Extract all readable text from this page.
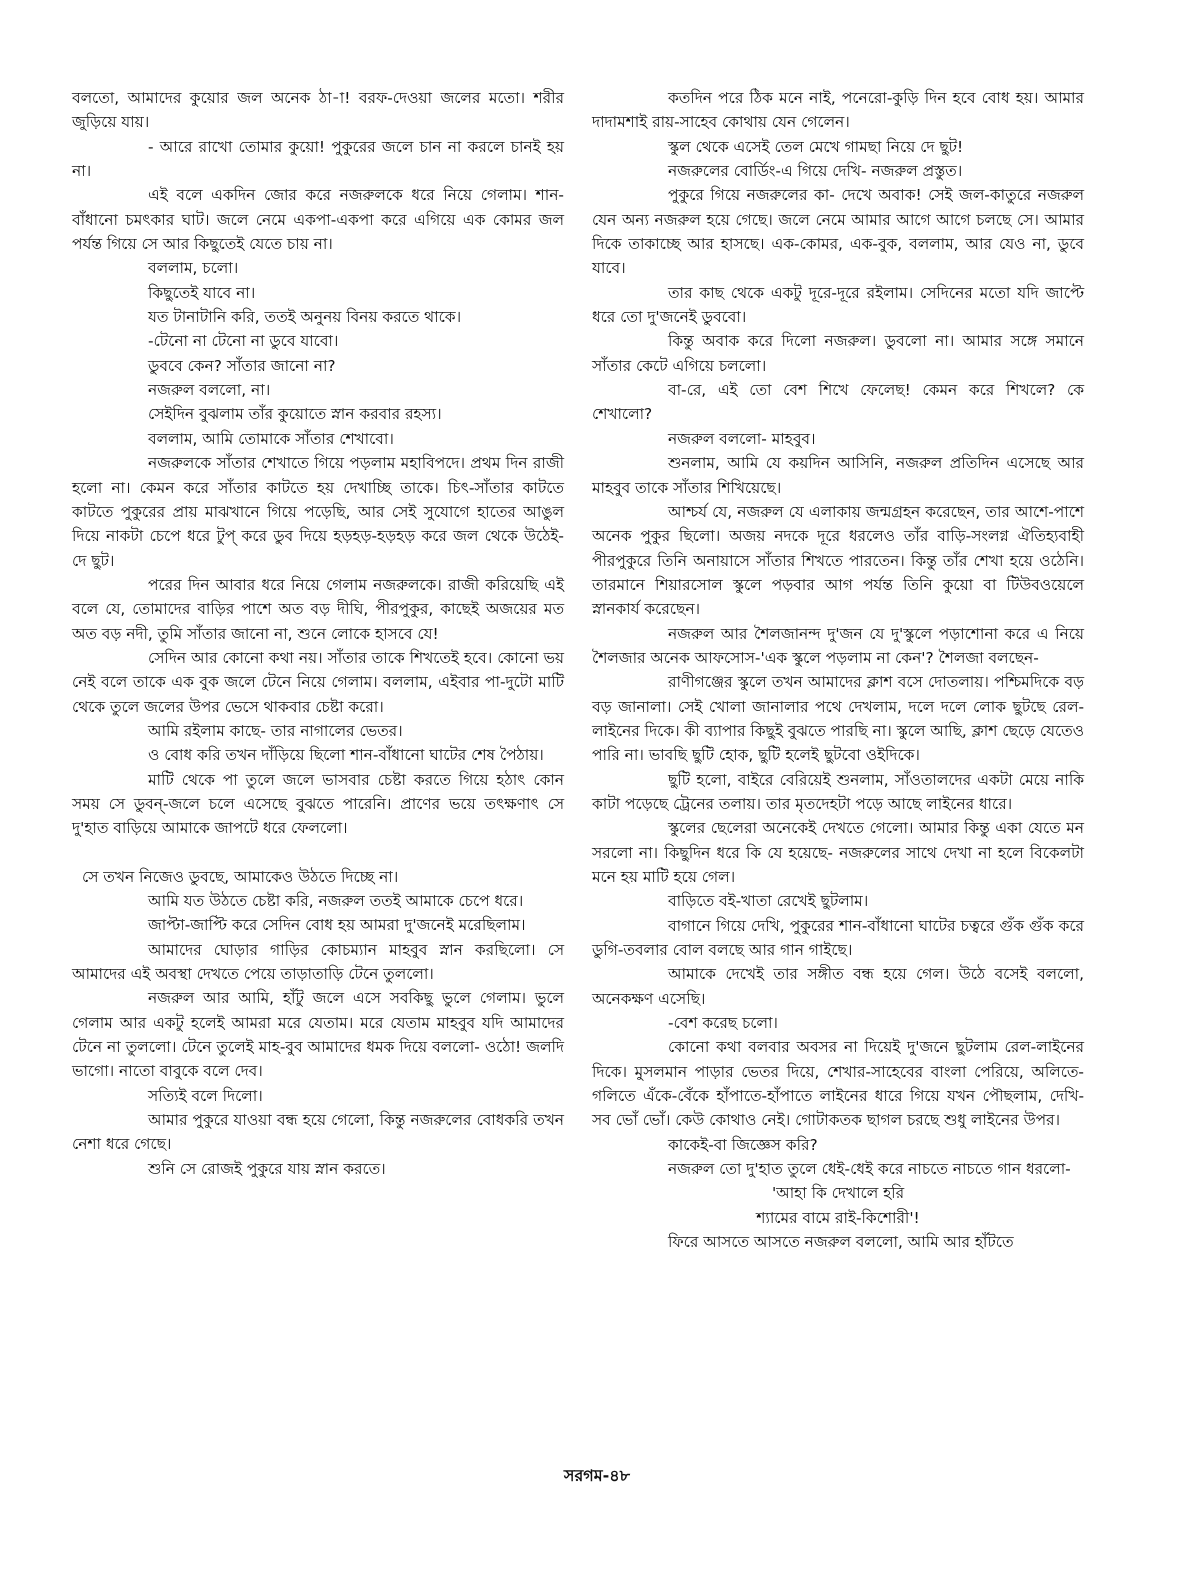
বলতো, আমাদের কুয়োর জল অনেক ঠা-া! বরফ-দেওয়া জলের মতো। শরীর জুড়িয়ে যায়।

- আরে রাখো তোমার কুয়ো! পুকুরের জলে চান না করলে চানই হয় না।

এই বলে একদিন জোর করে নজরুলকে ধরে নিয়ে গেলাম। শান-বাঁধানো চমৎকার ঘাট। জলে নেমে একপা-একপা করে এগিয়ে এক কোমর জল পর্যন্ত গিয়ে সে আর কিছুতেই যেতে চায় না।

বললাম, চলো।

কিছুতেই যাবে না।

যত টানাটানি করি, ততই অনুনয় বিনয় করতে থাকে।

-টেনো না টেনো না ডুবে যাবো।

ডুববে কেন? সাঁতার জানো না?

নজরুল বললো, না।

সেইদিন বুঝলাম তাঁর কুয়োতে স্নান করবার রহস্য।

বললাম, আমি তোমাকে সাঁতার শেখাবো।

নজরুলকে সাঁতার শেখাতে গিয়ে পড়লাম মহাবিপদে। প্রথম দিন রাজী হলো না। কেমন করে সাঁতার কাটতে হয় দেখাচ্ছি তাকে। চিৎ-সাঁতার কাটতে কাটতে পুকুরের প্রায় মাঝখানে গিয়ে পড়েছি, আর সেই সুযোগে হাতের আঙুল দিয়ে নাকটা চেপে ধরে টুপ্ করে ডুব দিয়ে হড়হড়-হড়হড় করে জল থেকে উঠেই- দে ছুট।

পরের দিন আবার ধরে নিয়ে গেলাম নজরুলকে। রাজী করিয়েছি এই বলে যে, তোমাদের বাড়ির পাশে অত বড় দীঘি, পীরপুকুর, কাছেই অজয়ের মত অত বড় নদী, তুমি সাঁতার জানো না, শুনে লোকে হাসবে যে!

সেদিন আর কোনো কথা নয়। সাঁতার তাকে শিখতেই হবে। কোনো ভয় নেই বলে তাকে এক বুক জলে টেনে নিয়ে গেলাম। বললাম, এইবার পা-দুটো মাটি থেকে তুলে জলের উপর ভেসে থাকবার চেষ্টা করো।

আমি রইলাম কাছে- তার নাগালের ভেতর।

ও বোধ করি তখন দাঁড়িয়ে ছিলো শান-বাঁধানো ঘাটের শেষ পৈঠায়।

মাটি থেকে পা তুলে জলে ভাসবার চেষ্টা করতে গিয়ে হঠাৎ কোন সময় সে ডুবন্-জলে চলে এসেছে বুঝতে পারেনি। প্রাণের ভয়ে তৎক্ষণাৎ সে দু'হাত বাড়িয়ে আমাকে জাপটে ধরে ফেললো।

সে তখন নিজেও ডুবছে, আমাকেও উঠতে দিচ্ছে না।

আমি যত উঠতে চেষ্টা করি, নজরুল ততই আমাকে চেপে ধরে।

জাপ্টা-জাপ্টি করে সেদিন বোধ হয় আমরা দু'জনেই মরেছিলাম।

আমাদের ঘোড়ার গাড়ির কোচম্যান মাহবুব স্নান করছিলো। সে আমাদের এই অবস্থা দেখতে পেয়ে তাড়াতাড়ি টেনে তুললো।

নজরুল আর আমি, হাঁটু জলে এসে সবকিছু ভুলে গেলাম। ভুলে গেলাম আর একটু হলেই আমরা মরে যেতাম। মরে যেতাম মাহবুব যদি আমাদের টেনে না তুললো। টেনে তুলেই মাহ-বুব আমাদের ধমক দিয়ে বললো- ওঠো! জলদি ভাগো। নাতো বাবুকে বলে দেব।

সত্যিই বলে দিলো।

আমার পুকুরে যাওয়া বন্ধ হয়ে গেলো, কিন্তু নজরুলের বোধকরি তখন নেশা ধরে গেছে।

শুনি সে রোজই পুকুরে যায় স্নান করতে।

কতদিন পরে ঠিক মনে নাই, পনেরো-কুড়ি দিন হবে বোধ হয়। আমার দাদামশাই রায়-সাহেব কোথায় যেন গেলেন।

স্কুল থেকে এসেই তেল মেখে গামছা নিয়ে দে ছুট!

নজরুলের বোর্ডিং-এ গিয়ে দেখি- নজরুল প্রস্তুত।

পুকুরে গিয়ে নজরুলের কা- দেখে অবাক! সেই জল-কাতুরে নজরুল যেন অন্য নজরুল হয়ে গেছে। জলে নেমে আমার আগে আগে চলছে সে। আমার দিকে তাকাচ্ছে আর হাসছে। এক-কোমর, এক-বুক, বললাম, আর যেও না, ডুবে যাবে।

তার কাছ থেকে একটু দূরে-দূরে রইলাম। সেদিনের মতো যদি জাপ্টে ধরে তো দু'জনেই ডুববো।

কিন্তু অবাক করে দিলো নজরুল। ডুবলো না। আমার সঙ্গে সমানে সাঁতার কেটে এগিয়ে চললো।

বা-রে, এই তো বেশ শিখে ফেলেছ! কেমন করে শিখলে? কে শেখালো?

নজরুল বললো- মাহবুব।

শুনলাম, আমি যে কয়দিন আসিনি, নজরুল প্রতিদিন এসেছে আর মাহবুব তাকে সাঁতার শিখিয়েছে।

আশ্চর্য যে, নজরুল যে এলাকায় জন্মগ্রহন করেছেন, তার আশে-পাশে অনেক পুকুর ছিলো। অজয় নদকে দূরে ধরলেও তাঁর বাড়ি-সংলগ্ন ঐতিহ্যবাহী পীরপুকুরে তিনি অনায়াসে সাঁতার শিখতে পারতেন। কিন্তু তাঁর শেখা হয়ে ওঠেনি। তারমানে শিয়ারসোল স্কুলে পড়বার আগ পর্যন্ত তিনি কুয়ো বা টিউবওয়েলে স্নানকার্য করেছেন।

নজরুল আর শৈলজানন্দ দু'জন যে দু'স্কুলে পড়াশোনা করে এ নিয়ে শৈলজার অনেক আফসোস-'এক স্কুলে পড়লাম না কেন'? শৈলজা বলছেন-

রাণীগঞ্জের স্কুলে তখন আমাদের ক্লাশ বসে দোতলায়। পশ্চিমদিকে বড় বড় জানালা। সেই খোলা জানালার পথে দেখলাম, দলে দলে লোক ছুটছে রেল-লাইনের দিকে। কী ব্যাপার কিছুই বুঝতে পারছি না। স্কুলে আছি, ক্লাশ ছেড়ে যেতেও পারি না। ভাবছি ছুটি হোক, ছুটি হলেই ছুটবো ওইদিকে।

ছুটি হলো, বাইরে বেরিয়েই শুনলাম, সাঁওতালদের একটা মেয়ে নাকি কাটা পড়েছে ট্রেনের তলায়। তার মৃতদেহটা পড়ে আছে লাইনের ধারে।

স্কুলের ছেলেরা অনেকেই দেখতে গেলো। আমার কিন্তু একা যেতে মন সরলো না। কিছুদিন ধরে কি যে হয়েছে- নজরুলের সাথে দেখা না হলে বিকেলটা মনে হয় মাটি হয়ে গেল।

বাড়িতে বই-খাতা রেখেই ছুটলাম।

বাগানে গিয়ে দেখি, পুকুরের শান-বাঁধানো ঘাটের চত্বরে গুঁক গুঁক করে ডুগি-তবলার বোল বলছে আর গান গাইছে।

আমাকে দেখেই তার সঙ্গীত বন্ধ হয়ে গেল। উঠে বসেই বললো, অনেকক্ষণ এসেছি।

-বেশ করেছ চলো।

কোনো কথা বলবার অবসর না দিয়েই দু'জনে ছুটলাম রেল-লাইনের দিকে। মুসলমান পাড়ার ভেতর দিয়ে, শেখার-সাহেবের বাংলা পেরিয়ে, অলিতে-গলিতে এঁকে-বেঁকে হাঁপাতে-হাঁপাতে লাইনের ধারে গিয়ে যখন পৌছলাম, দেখি- সব ভোঁ ভোঁ। কেউ কোথাও নেই। গোটাকতক ছাগল চরছে শুধু লাইনের উপর।

কাকেই-বা জিজ্ঞেস করি?

নজরুল তো দু'হাত তুলে ধেই-ধেই করে নাচতে নাচতে গান ধরলো-

'আহা কি দেখালে হরি

শ্যামের বামে রাই-কিশোরী'!

ফিরে আসতে আসতে নজরুল বললো, আমি আর হাঁটতে

সরগম-৪৮
